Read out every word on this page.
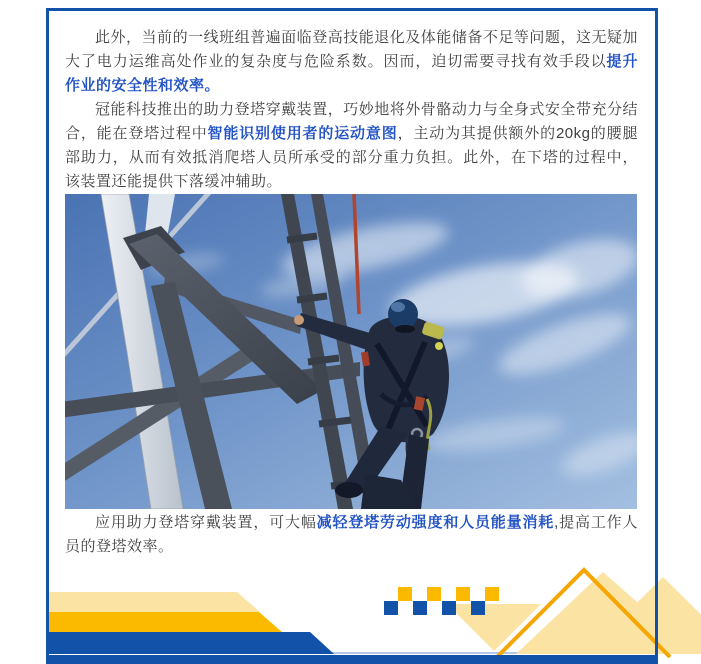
此外，当前的一线班组普遍面临登高技能退化及体能储备不足等问题，这无疑加大了电力运维高处作业的复杂度与危险系数。因而，迫切需要寻找有效手段以提升作业的安全性和效率。

冠能科技推出的助力登塔穿戴装置，巧妙地将外骨骼动力与全身式安全带充分结合，能在登塔过程中智能识别使用者的运动意图，主动为其提供额外的20kg的腰腿部助力，从而有效抵消爬塔人员所承受的部分重力负担。此外，在下塔的过程中，该装置还能提供下落缓冲辅助。

应用助力登塔穿戴装置，可大幅减轻登塔劳动强度和人员能量消耗,提高工作人员的登塔效率。
